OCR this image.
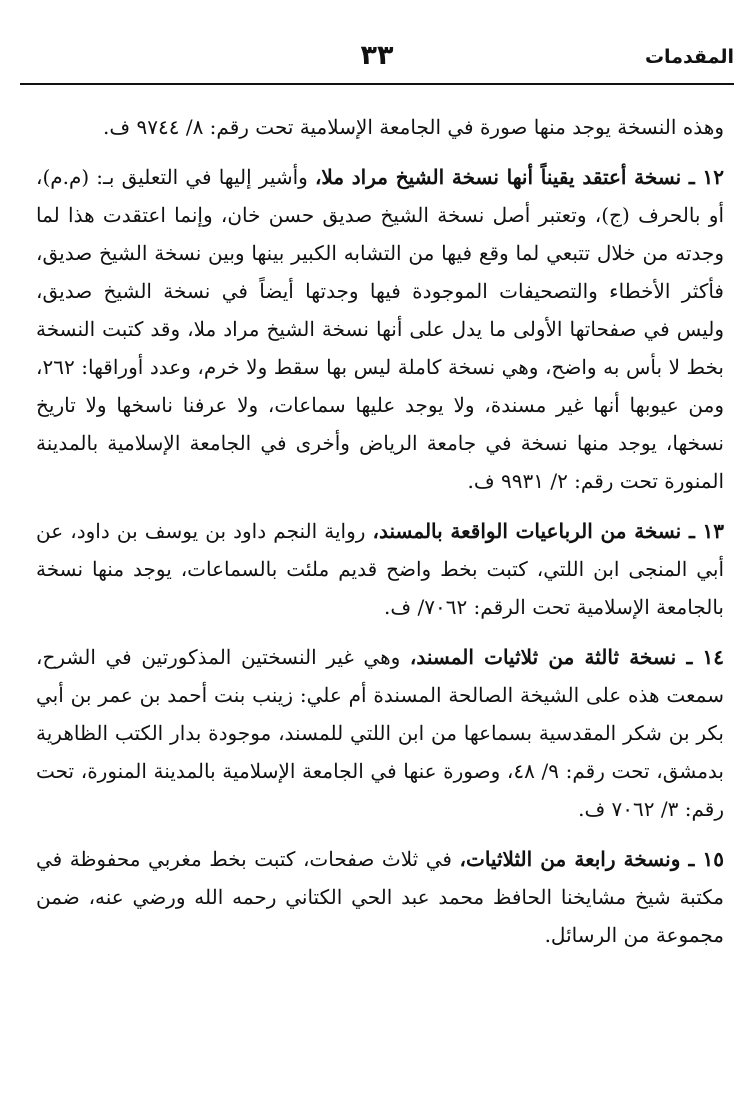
المقدمات
٣٣

وهذه النسخة يوجد منها صورة في الجامعة الإسلامية تحت رقم: ٨/ ٩٧٤٤ ف.

١٢ ـ نسخة أعتقد يقيناً أنها نسخة الشيخ مراد ملا، وأشير إليها في التعليق بـ: (م.م)، أو بالحرف (ج)، وتعتبر أصل نسخة الشيخ صديق حسن خان، وإنما اعتقدت هذا لما وجدته من خلال تتبعي لما وقع فيها من التشابه الكبير بينها وبين نسخة الشيخ صديق، فأكثر الأخطاء والتصحيفات الموجودة فيها وجدتها أيضاً في نسخة الشيخ صديق، وليس في صفحاتها الأولى ما يدل على أنها نسخة الشيخ مراد ملا، وقد كتبت النسخة بخط لا بأس به واضح، وهي نسخة كاملة ليس بها سقط ولا خرم، وعدد أوراقها: ٢٦٢، ومن عيوبها أنها غير مسندة، ولا يوجد عليها سماعات، ولا عرفنا ناسخها ولا تاريخ نسخها، يوجد منها نسخة في جامعة الرياض وأخرى في الجامعة الإسلامية بالمدينة المنورة تحت رقم: ٢/ ٩٩٣١ ف.

١٣ ـ نسخة من الرباعيات الواقعة بالمسند، رواية النجم داود بن يوسف بن داود، عن أبي المنجى ابن اللتي، كتبت بخط واضح قديم ملئت بالسماعات، يوجد منها نسخة بالجامعة الإسلامية تحت الرقم: ٧٠٦٢/ ف.

١٤ ـ نسخة ثالثة من ثلاثيات المسند، وهي غير النسختين المذكورتين في الشرح، سمعت هذه على الشيخة الصالحة المسندة أم علي: زينب بنت أحمد بن عمر بن أبي بكر بن شكر المقدسية بسماعها من ابن اللتي للمسند، موجودة بدار الكتب الظاهرية بدمشق، تحت رقم: ٩/ ٤٨، وصورة عنها في الجامعة الإسلامية بالمدينة المنورة، تحت رقم: ٣/ ٧٠٦٢ ف.

١٥ ـ ونسخة رابعة من الثلاثيات، في ثلاث صفحات، كتبت بخط مغربي محفوظة في مكتبة شيخ مشايخنا الحافظ محمد عبد الحي الكتاني رحمه الله ورضي عنه، ضمن مجموعة من الرسائل.
